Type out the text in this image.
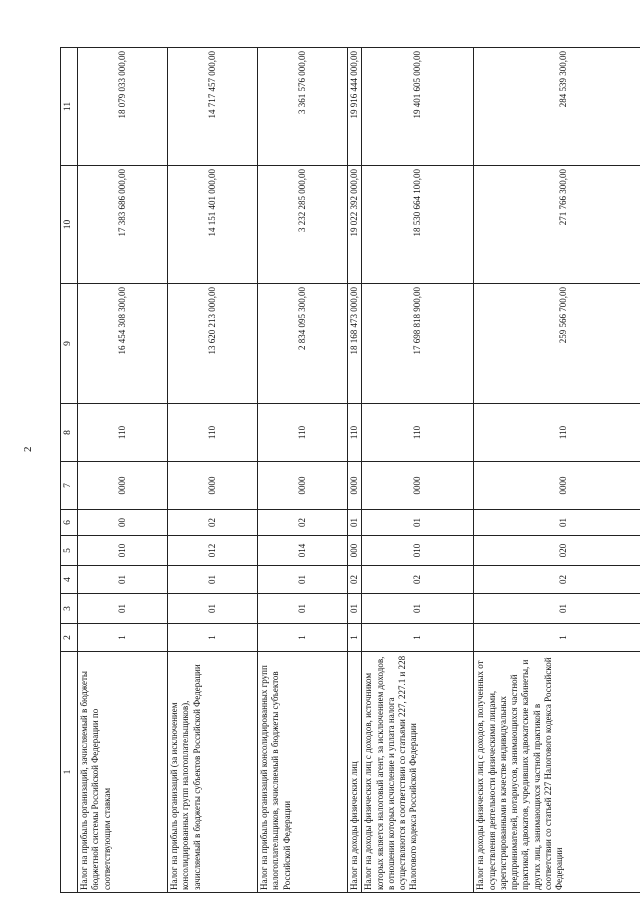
2
1	2	3	4	5	6	7	8	9	10	11
Налог на прибыль организаций, зачисляемый в бюджеты бюджетной системы Российской Федерации по соответствующим ставкам	1	01	01	010	00	0000	110	16 454 308 300,00	17 383 686 000,00	18 079 033 000,00
Налог на прибыль организаций (за исключением консолидированных групп налогоплательщиков), зачисляемый в бюджеты субъектов Российской Федерации	1	01	01	012	02	0000	110	13 620 213 000,00	14 151 401 000,00	14 717 457 000,00
Налог на прибыль организаций консолидированных групп налогоплательщиков, зачисляемый в бюджеты субъектов Российской Федерации	1	01	01	014	02	0000	110	2 834 095 300,00	3 232 285 000,00	3 361 576 000,00
Налог на доходы физических лиц	1	01	02	000	01	0000	110	18 168 473 000,00	19 022 392 000,00	19 916 444 000,00
Налог на доходы физических лиц с доходов, источником которых является налоговый агент, за исключением доходов, в отношении которых исчисление и уплата налога осуществляются в соответствии со статьями 227, 227.1 и 228 Налогового кодекса Российской Федерации	1	01	02	010	01	0000	110	17 698 818 900,00	18 530 664 100,00	19 401 605 000,00
Налог на доходы физических лиц с доходов, полученных от осуществления деятельности физическими лицами, зарегистрированными в качестве индивидуальных предпринимателей, нотариусов, занимающихся частной практикой, адвокатов, учредивших адвокатские кабинеты, и других лиц, занимающихся частной практикой в соответствии со статьей 227 Налогового кодекса Российской Федерации	1	01	02	020	01	0000	110	259 566 700,00	271 766 300,00	284 539 300,00
